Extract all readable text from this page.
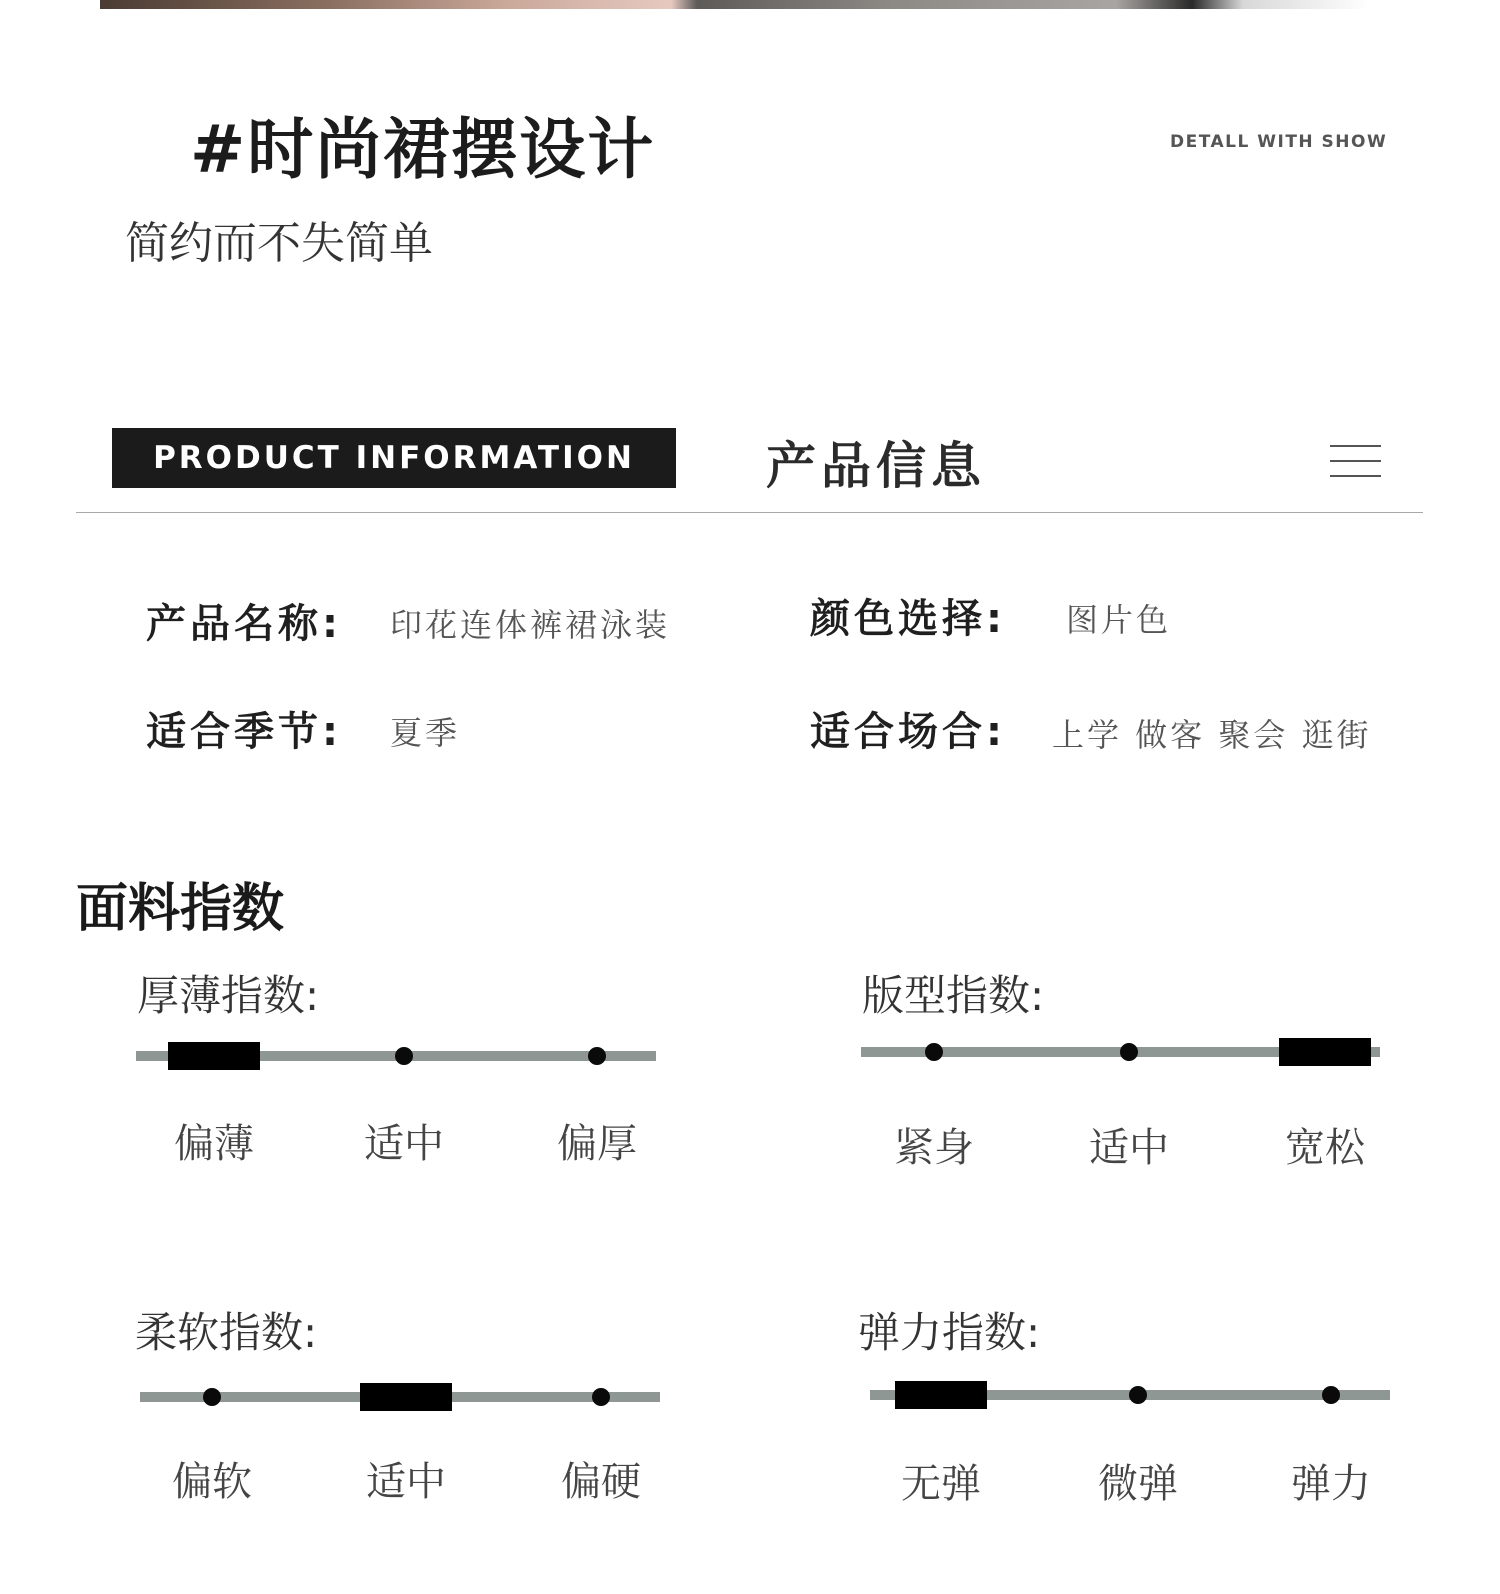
#时尚裙摆设计
简约而不失简单
DETALL WITH SHOW
PRODUCT INFORMATION	产品信息
产品名称: 印花连体裤裙泳装	颜色选择: 图片色
适合季节: 夏季	适合场合: 上学 做客 聚会 逛街
面料指数
厚薄指数:	版型指数:
柔软指数:	弹力指数:
偏薄	适中	偏厚	紧身	适中	宽松
偏软	适中	偏硬	无弹	微弹	弹力
